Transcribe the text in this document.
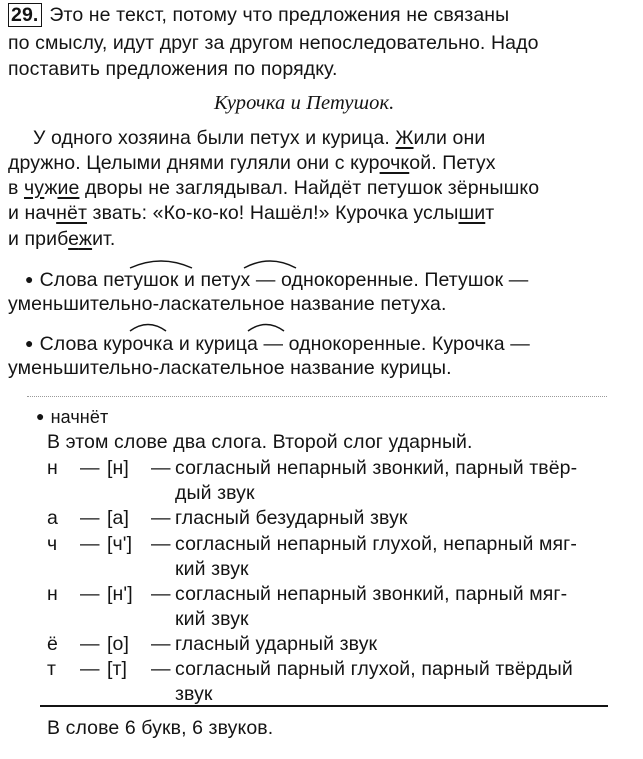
29. Это не текст, потому что предложения не связаны
по смыслу, идут друг за другом непоследовательно. Надо
поставить предложения по порядку.
Курочка и Петушок.
У одного хозяина были петух и курица. Жили они
дружно. Целыми днями гуляли они с курочкой. Петух
в чужие дворы не заглядывал. Найдёт петушок зёрнышко
и начнёт звать: «Ко-ко-ко! Нашёл!» Курочка услышит
и прибежит.
● Слова петушок и петух — однокоренные. Петушок —
уменьшительно-ласкательное название петуха.
● Слова курочка и курица — однокоренные. Курочка —
уменьшительно-ласкательное название курицы.
● начнёт
В этом слове два слога. Второй слог ударный.
н	— [н] — согласный непарный звонкий, парный твёр-
дый звук
а	— [а] — гласный безударный звук
ч	— [ч'] — согласный непарный глухой, непарный мяг-
кий звук
н	— [н'] — согласный непарный звонкий, парный мяг-
кий звук
ё	— [о] — гласный ударный звук
т	— [т] — согласный парный глухой, парный твёрдый
звук
В слове 6 букв, 6 звуков.
